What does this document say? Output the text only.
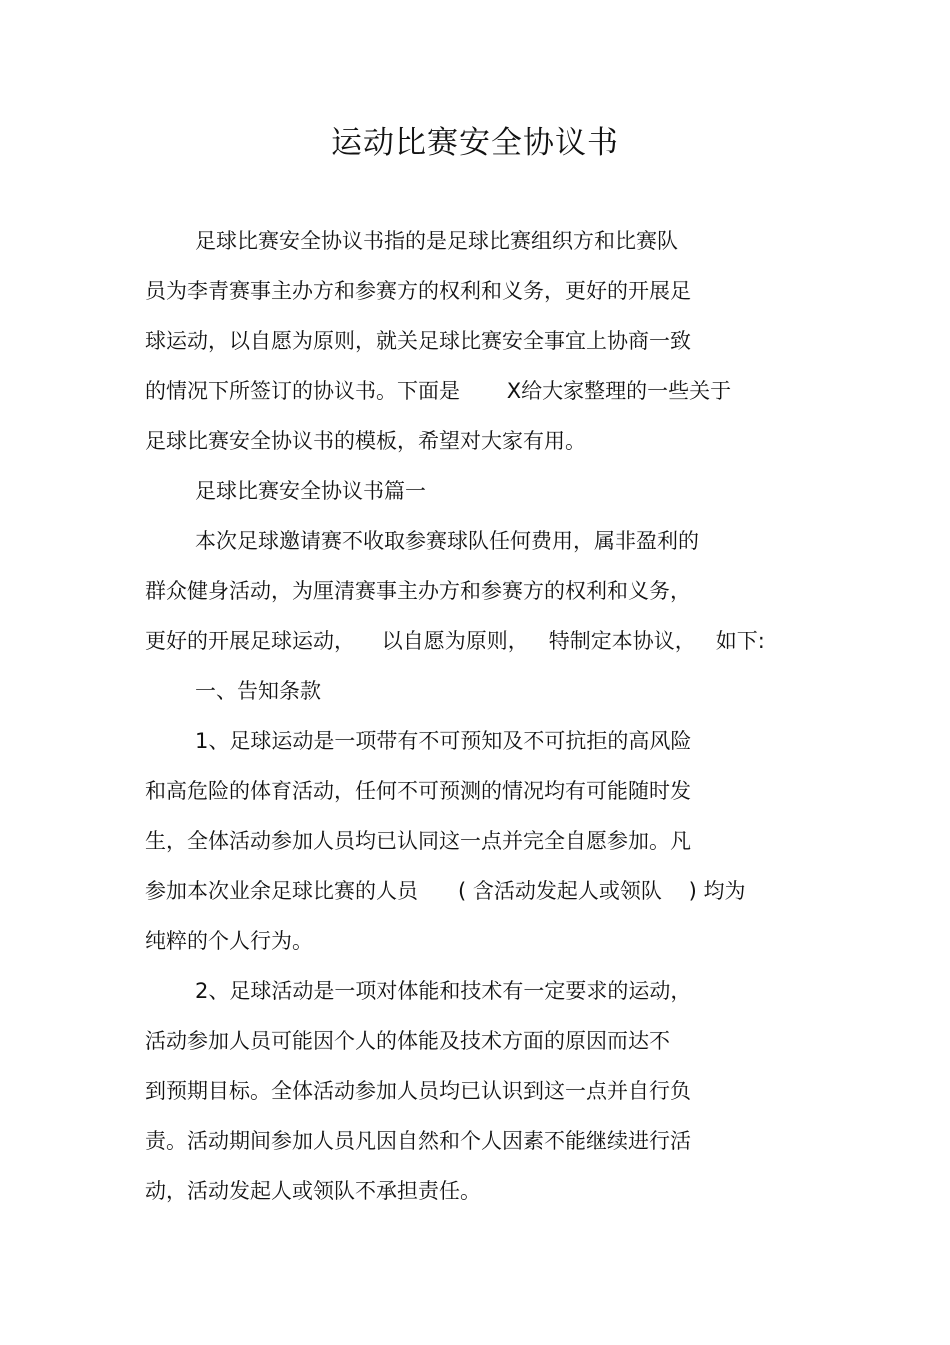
运动比赛安全协议书

足球比赛安全协议书指的是足球比赛组织方和比赛队

员为李青赛事主办方和参赛方的权利和义务，更好的开展足

球运动，以自愿为原则，就关足球比赛安全事宜上协商一致

的情况下所签订的协议书。下面是       X给大家整理的一些关于

足球比赛安全协议书的模板，希望对大家有用。

足球比赛安全协议书篇一

本次足球邀请赛不收取参赛球队任何费用，属非盈利的

群众健身活动，为厘清赛事主办方和参赛方的权利和义务，

更好的开展足球运动，    以自愿为原则，   特制定本协议，   如下:

一、告知条款

1、足球运动是一项带有不可预知及不可抗拒的高风险

和高危险的体育活动，任何不可预测的情况均有可能随时发

生，全体活动参加人员均已认同这一点并完全自愿参加。凡

参加本次业余足球比赛的人员      ( 含活动发起人或领队    ) 均为

纯粹的个人行为。

2、足球活动是一项对体能和技术有一定要求的运动，

活动参加人员可能因个人的体能及技术方面的原因而达不

到预期目标。全体活动参加人员均已认识到这一点并自行负

责。活动期间参加人员凡因自然和个人因素不能继续进行活

动，活动发起人或领队不承担责任。
